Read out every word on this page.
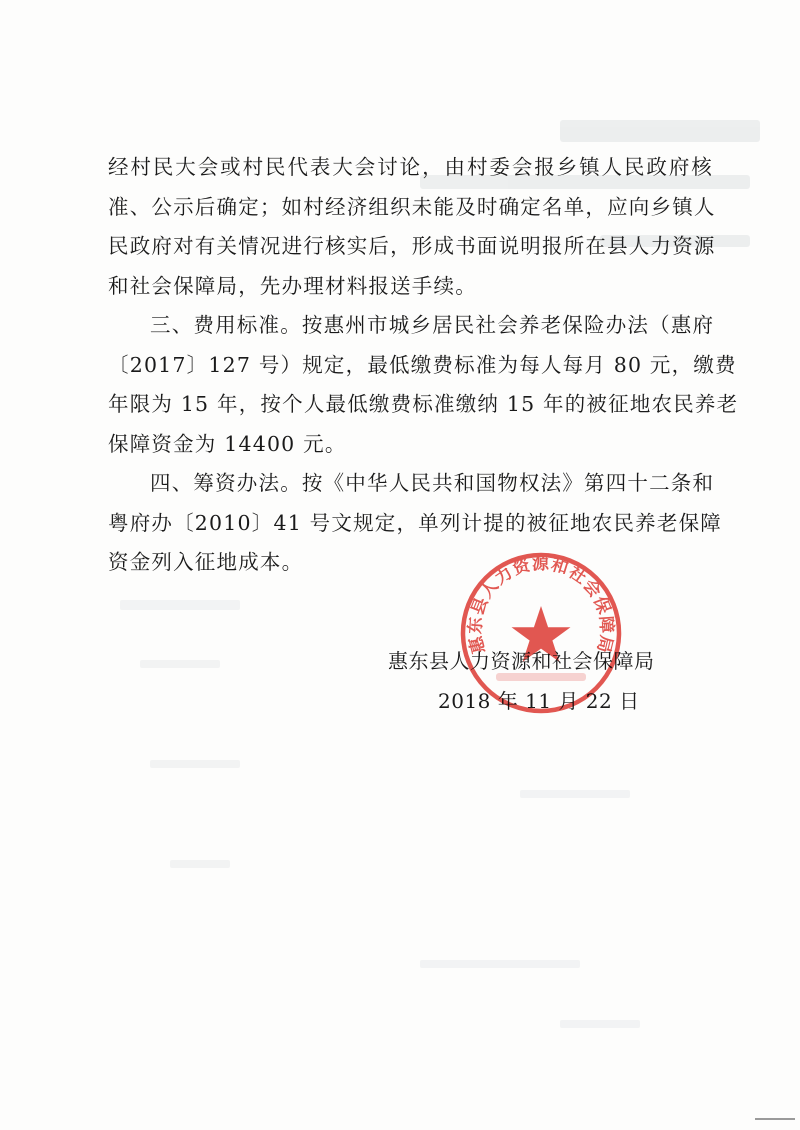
经村民大会或村民代表大会讨论，由村委会报乡镇人民政府核
准、公示后确定；如村经济组织未能及时确定名单，应向乡镇人
民政府对有关情况进行核实后，形成书面说明报所在县人力资源
和社会保障局，先办理材料报送手续。
三、费用标准。按惠州市城乡居民社会养老保险办法（惠府
〔2017〕127 号）规定，最低缴费标准为每人每月 80 元，缴费
年限为 15 年，按个人最低缴费标准缴纳 15 年的被征地农民养老
保障资金为 14400 元。
四、筹资办法。按《中华人民共和国物权法》第四十二条和
粤府办〔2010〕41 号文规定，单列计提的被征地农民养老保障
资金列入征地成本。
惠东县人力资源和社会保障局
2018 年 11 月 22 日
惠东县人力资源和社会保障局
